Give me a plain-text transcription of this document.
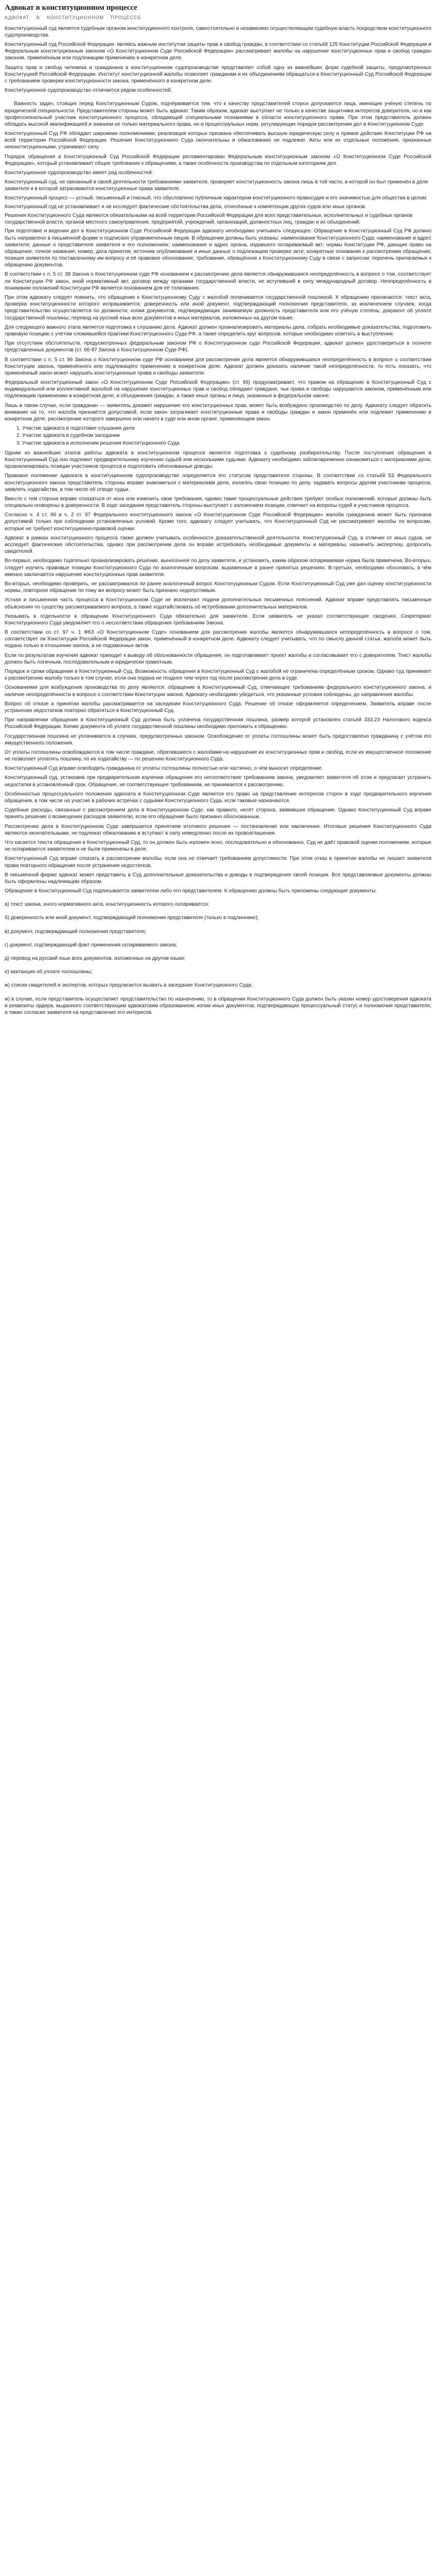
Адвокат в конституционном процессе
АДВОКАТ В КОНСТИТУЦИОННОМ ПРОЦЕССЕ

Конституционный суд является судебным органом конституционного контроля, самостоятельно и независимо осуществляющим судебную власть посредством конституционного судопроизводства.

Конституционный суд Российской Федерации, являясь важным институтом защиты прав и свобод граждан, в соответствии со статьёй 125 Конституции Российской Федерации и Федеральным конституционным законом «О Конституционном Суде Российской Федерации» рассматривает жалобы на нарушение конституционных прав и свобод граждан законом, применённым или подлежащим применению в конкретном деле.

Защита прав и свобод человека и гражданина в конституционном судопроизводстве представляет собой одну из важнейших форм судебной защиты, предусмотренных Конституцией Российской Федерации. Институт конституционной жалобы позволяет гражданам и их объединениям обращаться в Конституционный Суд Российской Федерации с требованием проверки конституционности закона, применённого в конкретном деле.

Конституционное судопроизводство отличается рядом особенностей.

Важность задач, стоящих перед Конституционным Судом, подчёркивается тем, что к качеству представителей сторон допускаются лица, имеющие учёную степень по юридической специальности. Представителем стороны может быть адвокат. Таким образом, адвокат выступает не только в качестве защитника интересов доверителя, но и как профессиональный участник конституционного процесса, обладающий специальными познаниями в области конституционного права. При этом представитель должен обладать высокой квалификацией и знанием не только материального права, но и процессуальных норм, регулирующих порядок рассмотрения дел в Конституционном Суде.

Конституционный Суд РФ обладает широкими полномочиями, реализация которых призвана обеспечивать высшую юридическую силу и прямое действие Конституции РФ на всей территории Российской Федерации. Решения Конституционного Суда окончательны и обжалованию не подлежат. Акты или их отдельные положения, признанные неконституционными, утрачивают силу.

Порядок обращения в Конституционный Суд Российской Федерации регламентирован Федеральным конституционным законом «О Конституционном Суде Российской Федерации», который устанавливает общие требования к обращениям, а также особенности производства по отдельным категориям дел.

Конституционное судопроизводство имеет ряд особенностей:

Конституционный суд, не связанный в своей деятельности требованиями заявителя, проверяет конституционность закона лишь в той части, в которой он был применён в деле заявителя и в которой затрагиваются конституционные права заявителя.
Конституционный процесс — устный, письменный и гласный, что обусловлено публичным характером конституционного правосудия и его значимостью для общества в целом.
Конституционный суд не устанавливает и не исследует фактические обстоятельства дела, отнесённые к компетенции других судов или иных органов.
Решения Конституционного Суда являются обязательными на всей территории Российской Федерации для всех представительных, исполнительных и судебных органов государственной власти, органов местного самоуправления, предприятий, учреждений, организаций, должностных лиц, граждан и их объединений.

При подготовке и ведении дел в Конституционном Суде Российской Федерации адвокату необходимо учитывать следующее. Обращение в Конституционный Суд РФ должно быть направлено в письменной форме и подписано управомоченным лицом. В обращении должны быть указаны: наименование Конституционного Суда; наименование и адрес заявителя; данные о представителе заявителя и его полномочиях; наименование и адрес органа, издавшего оспариваемый акт; нормы Конституции РФ, дающие право на обращение; точное название, номер, дата принятия, источник опубликования и иные данные о подлежащем проверке акте; конкретные основания к рассмотрению обращения; позиция заявителя по поставленному им вопросу и её правовое обоснование; требование, обращённое к Конституционному Суду в связи с запросом; перечень прилагаемых к обращению документов.

В соответствии с п. 5 ст. 38 Закона о Конституционном суде РФ основанием к рассмотрению дела является обнаружившаяся неопределённость в вопросе о том, соответствует ли Конституции РФ закон, иной нормативный акт, договор между органами государственной власти, не вступивший в силу международный договор. Неопределённость в понимании положений Конституции РФ является основанием для её толкования.

При этом адвокату следует помнить, что обращение к Конституционному Суду с жалобой оплачивается государственной пошлиной. К обращению прилагаются: текст акта, проверка конституционности которого испрашивается; доверенность или иной документ, подтверждающий полномочия представителя, за исключением случаев, когда представительство осуществляется по должности; копии документов, подтверждающих занимаемую должность представителя или его учёную степень; документ об уплате государственной пошлины; перевод на русский язык всех документов и иных материалов, изложенных на другом языке.

Для следующего важного этапа является подготовка к слушанию дела. Адвокат должен проанализировать материалы дела, собрать необходимые доказательства, подготовить правовую позицию с учётом сложившейся практики Конституционного Суда РФ, а также определить круг вопросов, которые необходимо осветить в выступлении.

При отсутствии обстоятельств, предусмотренных федеральным законом РФ о Конституционном суде Российской Федерации, адвокат должен удостовериться в полноте представленных документов (ст. 96-97 Закона о Конституционном Суде РФ).

В соответствии с п. 5 ст. 96 Закона о Конституционном суде РФ основанием для рассмотрения дела является обнаружившаяся неопределённость в вопросе о соответствии Конституции закона, применённого или подлежащего применению в конкретном деле. Адвокат должен доказать наличие такой неопределённости, то есть показать, что применённый закон может нарушать конституционные права и свободы заявителя.

Федеральный конституционный закон «О Конституционном Суде Российской Федерации» (ст. 96) предусматривает, что правом на обращение в Конституционный Суд с индивидуальной или коллективной жалобой на нарушение конституционных прав и свобод обладают граждане, чьи права и свободы нарушаются законом, применённым или подлежащим применению в конкретном деле, и объединения граждан, а также иные органы и лица, указанные в федеральном законе.

Лишь в таком случае, если гражданин — заявитель докажет нарушение его конституционных прав, может быть возбуждено производство по делу. Адвокату следует обратить внимание на то, что жалоба признаётся допустимой, если закон затрагивает конституционные права и свободы граждан и закон применён или подлежит применению в конкретном деле, рассмотрение которого завершено или начато в суде или ином органе, применяющем закон.

1. Участие адвоката в подготовке слушания дела
2. Участие адвоката в судебном заседании
3. Участие адвоката в исполнении решения Конституционного Суда

Одним из важнейших этапов работы адвоката в конституционном процессе является подготовка к судебному разбирательству. После поступления обращения в Конституционный Суд оно подлежит предварительному изучению судьёй или несколькими судьями. Адвокату необходимо заблаговременно ознакомиться с материалами дела, проанализировать позиции участников процесса и подготовить обоснованные доводы.

Правовое положение адвоката в конституционном судопроизводстве определяется его статусом представителя стороны. В соответствии со статьёй 53 Федерального конституционного закона представитель стороны вправе знакомиться с материалами дела, излагать свою позицию по делу, задавать вопросы другим участникам процесса, заявлять ходатайства, в том числе об отводе судьи.

Вместе с тем сторона вправе отказаться от иска или изменить свои требования, однако такие процессуальные действия требуют особых полномочий, которые должны быть специально оговорены в доверенности. В ходе заседания представитель стороны выступает с изложением позиции, отвечает на вопросы судей и участников процесса.

Согласно ч. 4 ст. 96 и ч. 2 ст. 97 Федерального конституционного закона «О Конституционном Суде Российской Федерации» жалоба гражданина может быть признана допустимой только при соблюдении установленных условий. Кроме того, адвокату следует учитывать, что Конституционный Суд не рассматривает жалобы по вопросам, которые не требуют конституционно-правовой оценки.

Адвокат в рамках конституционного процесса также должен учитывать особенности доказательственной деятельности. Конституционный Суд, в отличие от иных судов, не исследует фактические обстоятельства, однако при рассмотрении дела он вправе истребовать необходимые документы и материалы, назначить экспертизу, допросить свидетелей.

Во-первых, необходимо тщательно проанализировать решение, вынесенное по делу заявителя, и установить, каким образом оспариваемая норма была применена. Во-вторых, следует изучить правовые позиции Конституционного Суда по аналогичным вопросам, выраженные в ранее принятых решениях. В-третьих, необходимо обосновать, в чём именно заключается нарушение конституционных прав заявителя.

Во-вторых, необходимо проверить, не рассматривался ли ранее аналогичный вопрос Конституционным Судом. Если Конституционный Суд уже дал оценку конституционности нормы, повторное обращение по тому же вопросу может быть признано недопустимым.

Устная и письменная часть процесса в Конституционном Суде не исключают подачи дополнительных письменных пояснений. Адвокат вправе представлять письменные объяснения по существу рассматриваемого вопроса, а также ходатайствовать об истребовании дополнительных материалов.

Указывать в отдельности в обращении Конституционного Суда обязательно для заявителя. Если заявитель не указал соответствующие сведения, Секретариат Конституционного Суда уведомляет его о несоответствии обращения требованиям Закона.

В соответствии со ст. 97 ч. 1 ФКЗ «О Конституционном Суде» основанием для рассмотрения жалобы является обнаружившаяся неопределённость в вопросе о том, соответствует ли Конституции Российской Федерации закон, применённый в конкретном деле. Адвокату следует учитывать, что по смыслу данной статьи, жалоба может быть подана только в отношении закона, а не подзаконных актов.

Если по результатам изучения адвокат приходит к выводу об обоснованности обращения, он подготавливает проект жалобы и согласовывает его с доверителем. Текст жалобы должен быть логичным, последовательным и юридически грамотным.

Порядок и сроки обращения в Конституционный Суд. Возможность обращения в Конституционный Суд с жалобой не ограничена определённым сроком. Однако суд принимает к рассмотрению жалобу только в том случае, если она подана не позднее чем через год после рассмотрения дела в суде.

Основаниями для возбуждения производства по делу являются: обращение в Конституционный Суд, отвечающее требованиям федерального конституционного закона, и наличие неопределённости в вопросе о соответствии Конституции закона. Адвокату необходимо убедиться, что указанные условия соблюдены, до направления жалобы.

Вопрос об отказе в принятии жалобы рассматривается на заседании Конституционного Суда. Решение об отказе оформляется определением. Заявитель вправе после устранения недостатков повторно обратиться в Конституционный Суд.

При направлении обращения в Конституционный Суд должна быть уплачена государственная пошлина, размер которой установлен статьёй 333.23 Налогового кодекса Российской Федерации. Копию документа об уплате государственной пошлины необходимо приложить к обращению.

Государственная пошлина не уплачивается в случаях, предусмотренных законом. Освобождение от уплаты госпошлины может быть предоставлено гражданину с учётом его имущественного положения.

От уплаты госпошлины освобождаются в том числе граждане, обратившиеся с жалобами на нарушение их конституционных прав и свобод, если их имущественное положение не позволяет уплатить пошлину, по их ходатайству — по решению Конституционного Суда.

Конституционный Суд вправе освободить гражданина от уплаты госпошлины полностью или частично, о чём выносит определение.

Конституционный суд, установив при предварительном изучении обращения его несоответствие требованиям закона, уведомляет заявителя об этом и предлагает устранить недостатки в установленный срок. Обращение, не соответствующее требованиям, не принимается к рассмотрению.

Особенностью процессуального положения адвоката в Конституционном Суде является его право на представление интересов сторон в ходе предварительного изучения обращения, в том числе на участие в рабочих встречах с судьями Конституционного Суда, если таковые назначаются.

Судебные расходы, связанные с рассмотрением дела в Конституционном Суде, как правило, несёт сторона, заявившая обращение. Однако Конституционный Суд вправе принять решение о возмещении расходов заявителю, если его обращение было признано обоснованным.

Рассмотрение дела в Конституционном Суде завершается принятием итогового решения — постановления или заключения. Итоговые решения Конституционного Суда являются окончательными, не подлежат обжалованию и вступают в силу немедленно после их провозглашения.

Что касается текста обращения в Конституционный Суд, то он должен быть изложен ясно, последовательно и обоснованно. Суд не даёт правовой оценки положениям, которые не оспариваются заявителем и не были применены в деле.

Конституционный Суд вправе отказать в рассмотрении жалобы, если она не отвечает требованиям допустимости. При этом отказ в принятии жалобы не лишает заявителя права повторного обращения после устранения недостатков.

В письменной форме адвокат может представить в Суд дополнительные доказательства и доводы в подтверждение своей позиции. Все представляемые документы должны быть оформлены надлежащим образом.

Обращение в Конституционный Суд подписывается заявителем либо его представителем. К обращению должны быть приложены следующие документы:

а) текст закона, иного нормативного акта, конституционность которого оспаривается;

б) доверенность или иной документ, подтверждающий полномочия представителя (только в подлиннике);

в) документ, подтверждающий полномочия представителя;

г) документ, подтверждающий факт применения оспариваемого закона;

д) перевод на русский язык всех документов, изложенных на другом языке;

е) квитанция об уплате госпошлины;

ж) списки свидетелей и экспертов, которых предлагается вызвать в заседание Конституционного Суда;

ж) в случае, если представитель осуществляет представительство по назначению, то в обращении Конституционного Суда должен быть указан номер удостоверения адвоката и реквизиты ордера, выданного соответствующим адвокатским образованием; копии иных документов, подтверждающих процессуальный статус и полномочия представителя, а также согласие заявителя на представление его интересов.
